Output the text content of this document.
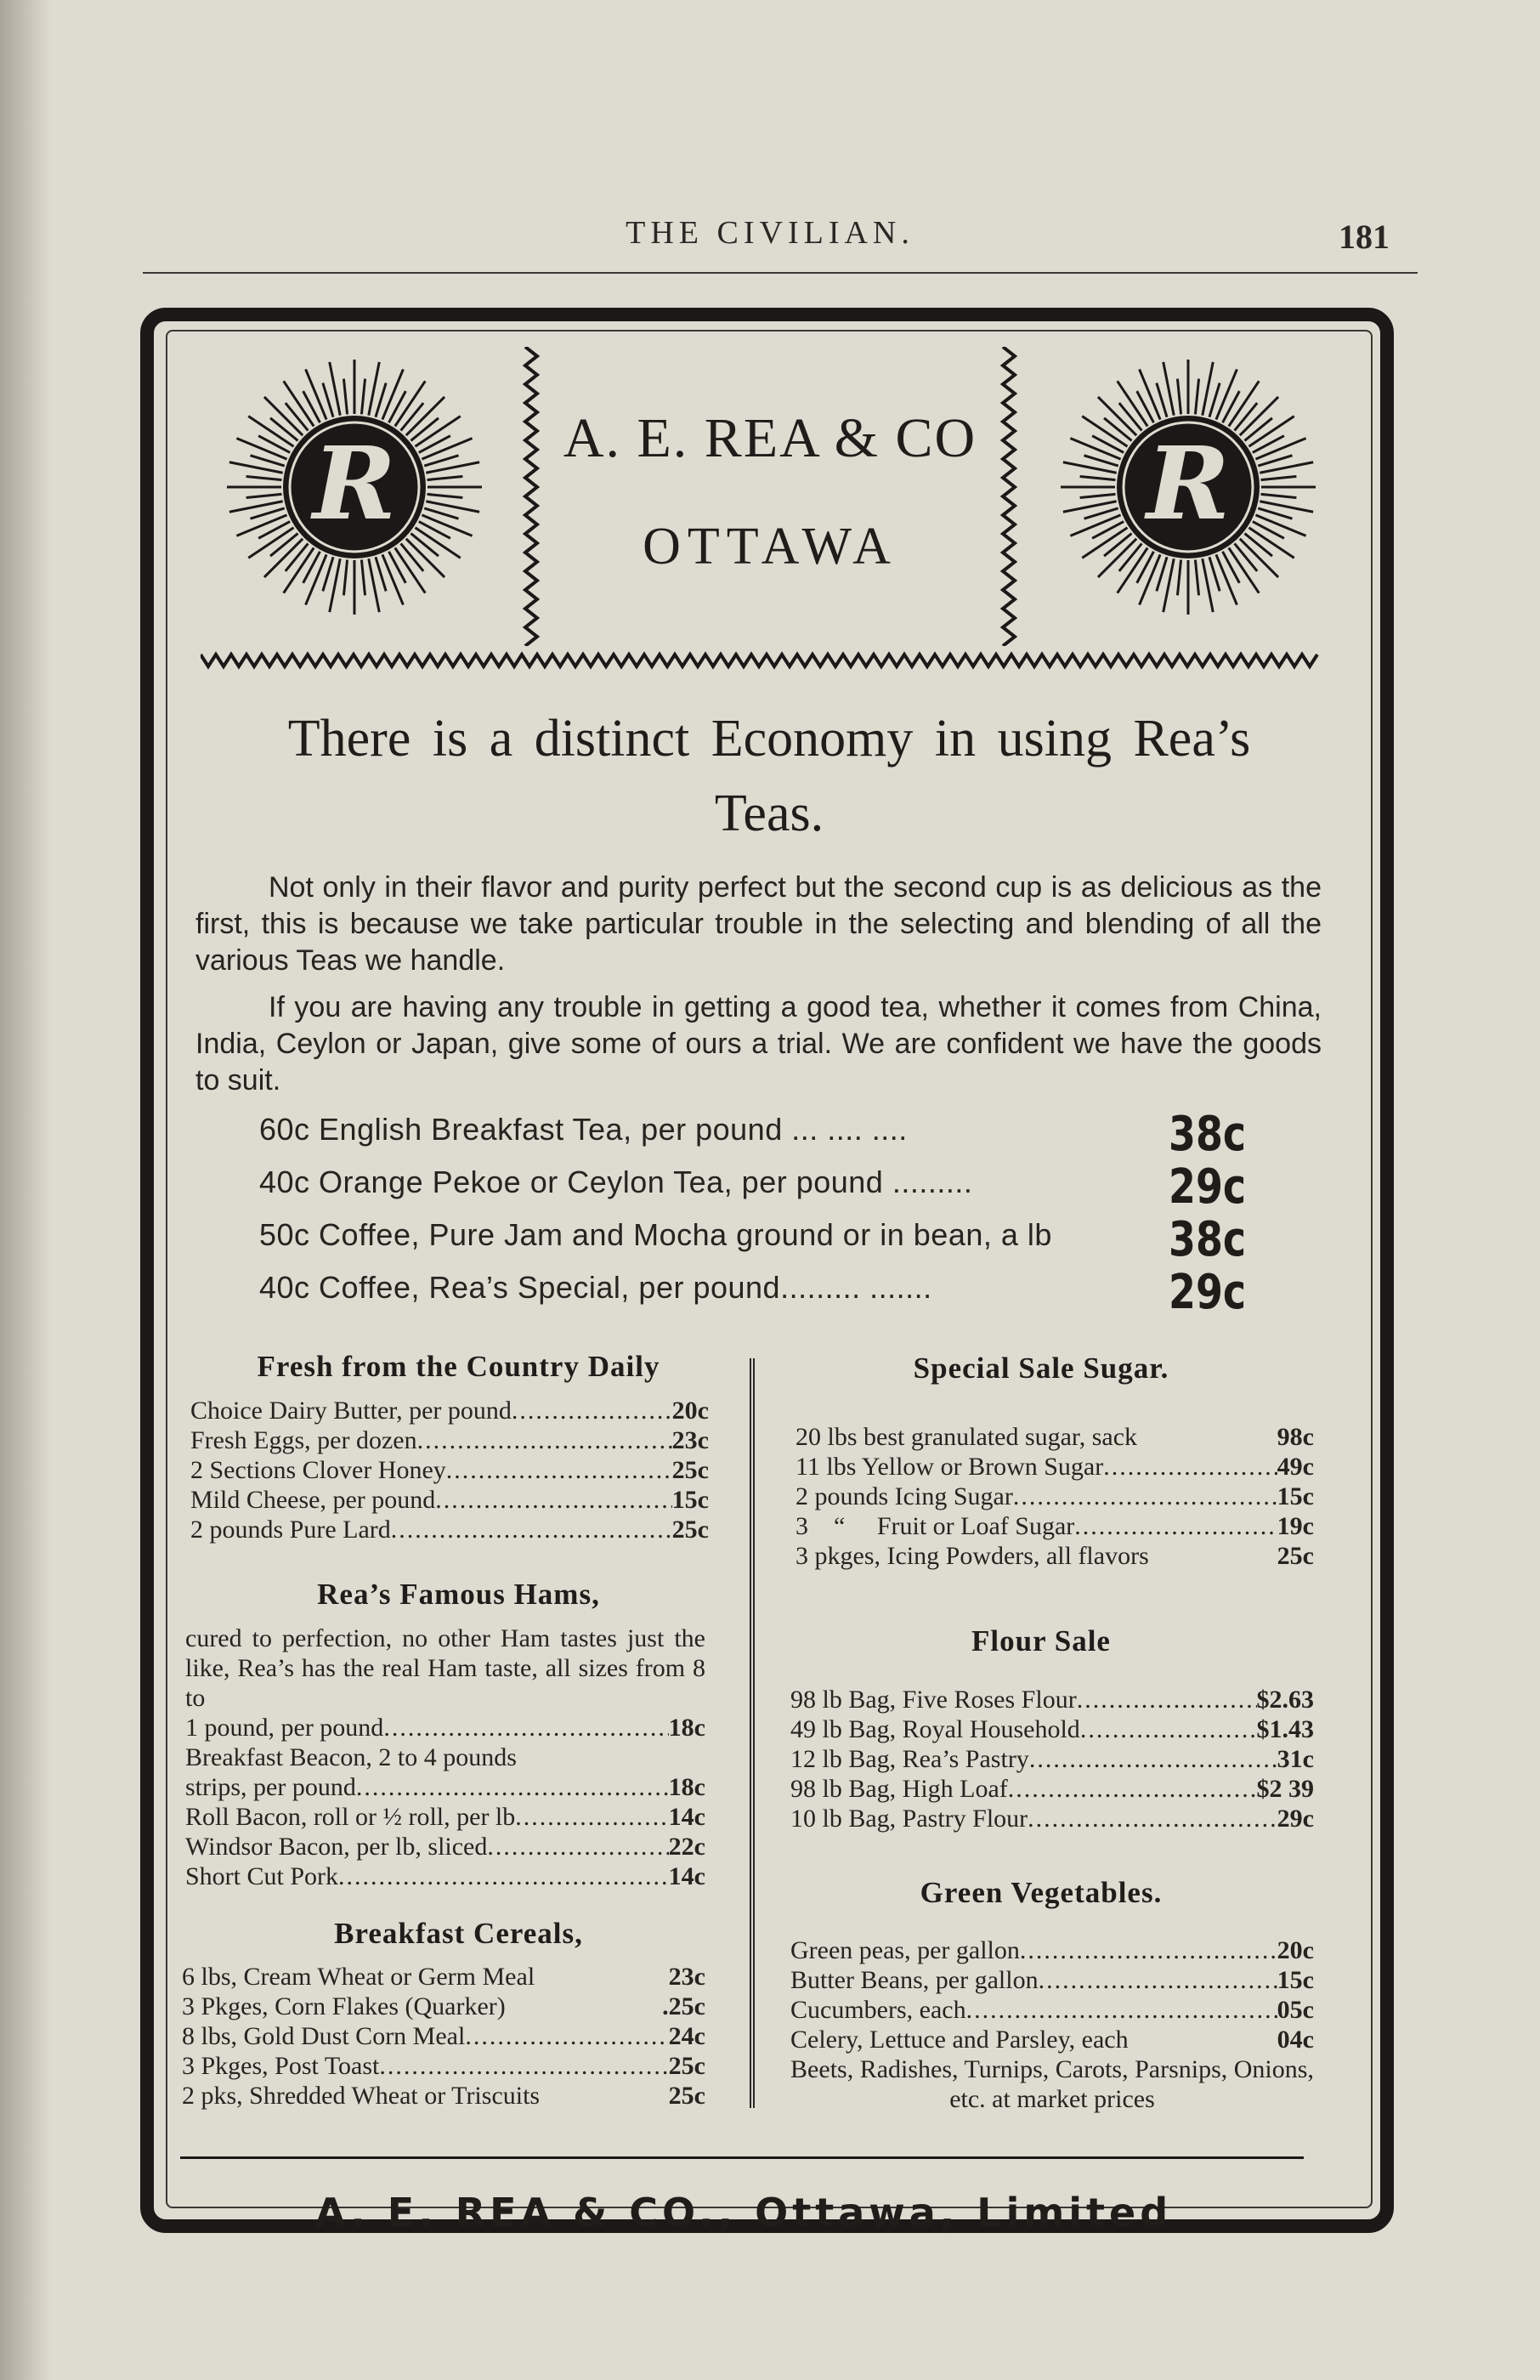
THE CIVILIAN.	181
R	R
A. E. REA & CO
OTTAWA
There is a distinct Economy in using Rea’s Teas.
Not only in their flavor and purity perfect but the second cup is as delicious as the first, this is because we take particular trouble in the selecting and blending of all the various Teas we handle.
If you are having any trouble in getting a good tea, whether it comes from China, India, Ceylon or Japan, give some of ours a trial. We are confident we have the goods to suit.
60c English Breakfast Tea, per pound ... .... ....	38c
40c Orange Pekoe or Ceylon Tea, per pound .........	29c
50c Coffee, Pure Jam and Mocha ground or in bean, a lb 38c
40c Coffee, Rea’s Special, per pound......... .......	29c
Fresh from the Country Daily
Choice Dairy Butter, per pound .....	20c
Fresh Eggs, per dozen .....	23c
2 Sections Clover Honey .....	25c
Mild Cheese, per pound .....	15c
2 pounds Pure Lard .....	25c
Rea’s Famous Hams,
cured to perfection, no other Ham tastes just the like, Rea’s has the real Ham taste, all sizes from 8 to
1 pound, per pound .....	18c
Breakfast Beacon, 2 to 4 pounds
strips, per pound .....	18c
Roll Bacon, roll or ½ roll, per lb .....	14c
Windsor Bacon, per lb, sliced .....	22c
Short Cut Pork .....	14c
Breakfast Cereals,
6 lbs, Cream Wheat or Germ Meal	23c
3 Pkges, Corn Flakes (Quarker)	.25c
8 lbs, Gold Dust Corn Meal .....	24c
3 Pkges, Post Toast .....	25c
2 pks, Shredded Wheat or Triscuits	25c
Special Sale Sugar.
20 lbs best granulated sugar, sack	98c
11 lbs Yellow or Brown Sugar .....	49c
2 pounds Icing Sugar .....	15c
3    “     Fruit or Loaf Sugar .....	19c
3 pkges, Icing Powders, all flavors	25c
Flour Sale
98 lb Bag, Five Roses Flour .....	$2.63
49 lb Bag, Royal Household .....	$1.43
12 lb Bag, Rea’s Pastry .....	31c
98 lb Bag, High Loaf .....	$2 39
10 lb Bag, Pastry Flour .....	29c
Green Vegetables.
Green peas, per gallon .....	20c
Butter Beans, per gallon .....	15c
Cucumbers, each .....	05c
Celery, Lettuce and Parsley, each	04c
Beets, Radishes, Turnips, Carots, Parsnips, Onions, etc. at market prices
A. E. REA & CO., Ottawa, Limited
